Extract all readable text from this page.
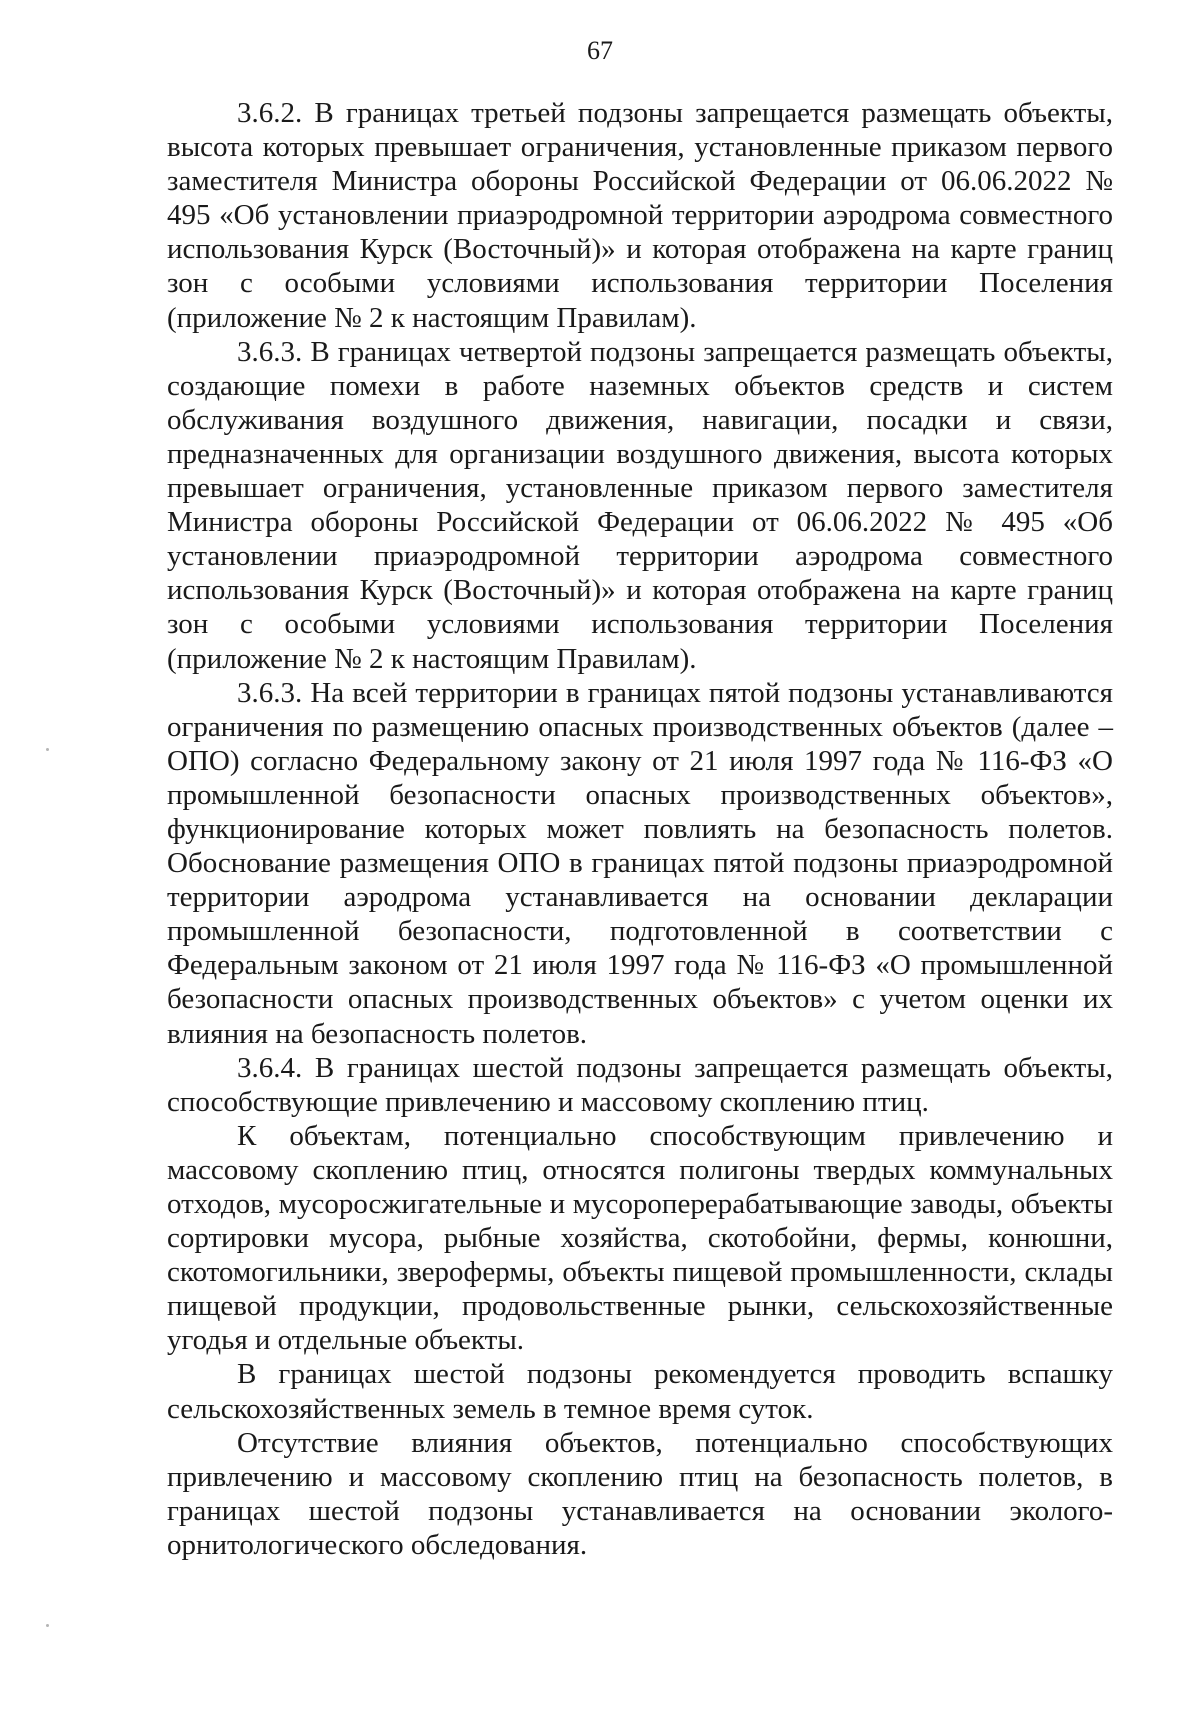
67

3.6.2. В границах третьей подзоны запрещается размещать объекты, высота которых превышает ограничения, установленные приказом первого заместителя Министра обороны Российской Федерации от 06.06.2022 № 495 «Об установлении приаэродромной территории аэродрома совместного использования Курск (Восточный)» и которая отображена на карте границ зон с особыми условиями использования территории Поселения (приложение № 2 к настоящим Правилам).

3.6.3. В границах четвертой подзоны запрещается размещать объекты, создающие помехи в работе наземных объектов средств и систем обслуживания воздушного движения, навигации, посадки и связи, предназначенных для организации воздушного движения, высота которых превышает ограничения, установленные приказом первого заместителя Министра обороны Российской Федерации от 06.06.2022 № 495 «Об установлении приаэродромной территории аэродрома совместного использования Курск (Восточный)» и которая отображена на карте границ зон с особыми условиями использования территории Поселения (приложение № 2 к настоящим Правилам).

3.6.3. На всей территории в границах пятой подзоны устанавливаются ограничения по размещению опасных производственных объектов (далее – ОПО) согласно Федеральному закону от 21 июля 1997 года № 116-ФЗ «О промышленной безопасности опасных производственных объектов», функционирование которых может повлиять на безопасность полетов. Обоснование размещения ОПО в границах пятой подзоны приаэродромной территории аэродрома устанавливается на основании декларации промышленной безопасности, подготовленной в соответствии с Федеральным законом от 21 июля 1997 года № 116-ФЗ «О промышленной безопасности опасных производственных объектов» с учетом оценки их влияния на безопасность полетов.

3.6.4. В границах шестой подзоны запрещается размещать объекты, способствующие привлечению и массовому скоплению птиц.

К объектам, потенциально способствующим привлечению и массовому скоплению птиц, относятся полигоны твердых коммунальных отходов, мусоросжигательные и мусороперерабатывающие заводы, объекты сортировки мусора, рыбные хозяйства, скотобойни, фермы, конюшни, скотомогильники, зверофермы, объекты пищевой промышленности, склады пищевой продукции, продовольственные рынки, сельскохозяйственные угодья и отдельные объекты.

В границах шестой подзоны рекомендуется проводить вспашку сельскохозяйственных земель в темное время суток.

Отсутствие влияния объектов, потенциально способствующих привлечению и массовому скоплению птиц на безопасность полетов, в границах шестой подзоны устанавливается на основании эколого-орнитологического обследования.
